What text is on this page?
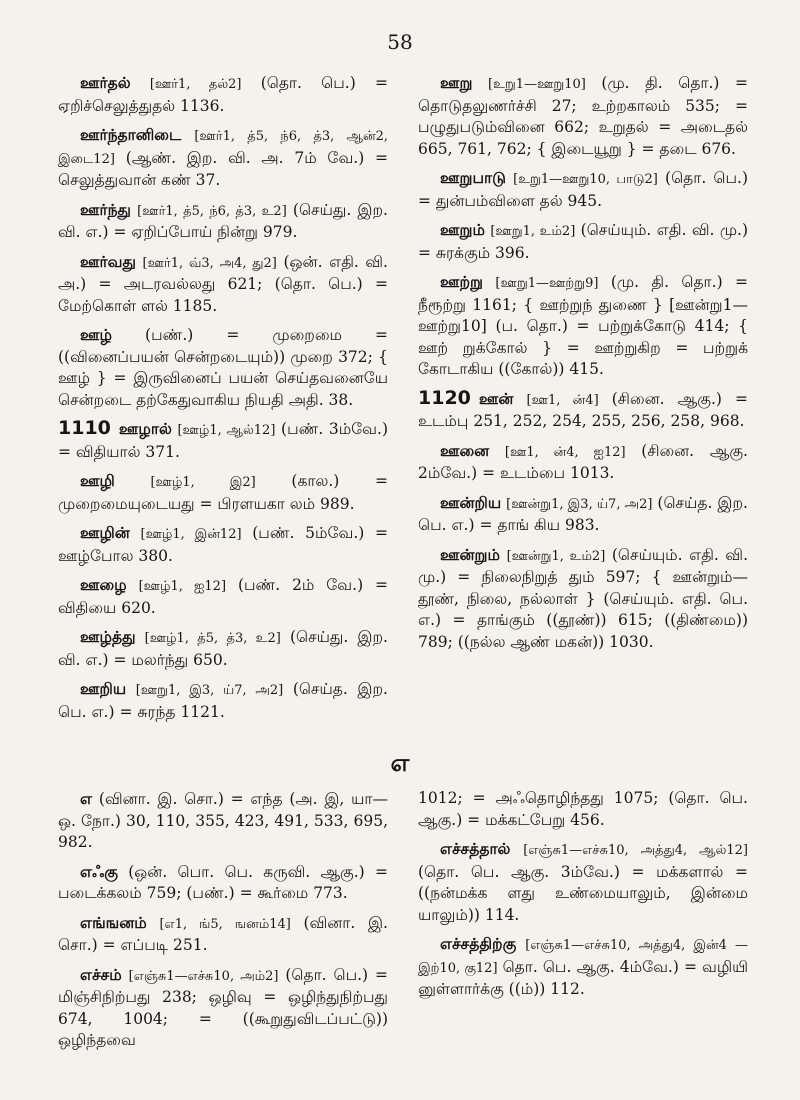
58

ஊர்தல் [ஊர்1, தல்2] (தொ. பெ.) = ஏறிச்செலுத்துதல் 1136.

ஊர்ந்தானிடை [ஊர்1, த்5, ந்6, த்3, ஆன்2, இடை12] (ஆண். இற. வி. அ. 7ம் வே.) = செலுத்துவான் கண் 37.

ஊர்ந்து [ஊர்1, த்5, ந்6, த்3, உ2] (செய்து. இற. வி. எ.) = ஏறிப்போய் நின்று 979.

ஊர்வது [ஊர்1, வ்3, அ4, து2] (ஒன். எதி. வி. அ.) = அடரவல்லது 621; (தொ. பெ.) = மேற்கொள் ளல் 1185.

ஊழ் (பண்.) = முறைமை = ((வினைப்பயன் சென்றடையும்)) முறை 372; { ஊழ் } = இருவினைப் பயன் செய்தவனையே சென்றடை தற்கேதுவாகிய நியதி அதி. 38.

1110 ஊழால் [ஊழ்1, ஆல்12] (பண். 3ம்வே.) = விதியால் 371.

ஊழி	[ஊழ்1, இ2] (கால.) = முறைமையுடையது = பிரளயகா லம் 989.

ஊழின் [ஊழ்1, இன்12] (பண். 5ம்வே.) = ஊழ்போல 380.

ஊழை [ஊழ்1, ஐ12] (பண். 2ம் வே.) = விதியை 620.

ஊழ்த்து [ஊழ்1, த்5, த்3, உ2] (செய்து. இற. வி. எ.) = மலர்ந்து 650.

ஊறிய [ஊறு1, இ3, ய்7, அ2] (செய்த. இற. பெ. எ.) = சுரந்த 1121.

ஊறு [உறு1—ஊறு10] (மு. தி. தொ.) = தொடுதலுணர்ச்சி 27; உற்றகாலம் 535; = பழுதுபடும்வினை 662; உறுதல் = அடைதல் 665, 761, 762; { இடையூறு } = தடை 676.

ஊறுபாடு [உறு1—ஊறு10, பாடு2] (தொ. பெ.) = துன்பம்விளை தல் 945.

ஊறும் [ஊறு1, உம்2] (செய்யும். எதி. வி. மு.) = சுரக்கும் 396.

ஊற்று [ஊறு1—ஊற்று9] (மு. தி. தொ.) = நீரூற்று 1161; { ஊற்றுந் துணை } [ஊன்று1—ஊற்று10] (ப. தொ.) = பற்றுக்கோடு 414; { ஊற் றுக்கோல் } = ஊற்றுகிற = பற்றுக் கோடாகிய ((கோல்)) 415.

1120 ஊன் [ஊ1, ன்4] (சினை. ஆகு.) = உடம்பு 251, 252, 254, 255, 256, 258, 968.

ஊனை [ஊ1, ன்4, ஐ12] (சினை. ஆகு. 2ம்வே.) = உடம்பை 1013.

ஊன்றிய [ஊன்று1, இ3, ய்7, அ2] (செய்த. இற. பெ. எ.) = தாங் கிய 983.

ஊன்றும் [ஊன்று1, உம்2] (செய்யும். எதி. வி. மு.) = நிலைநிறுத் தும் 597; { ஊன்றும்—தூண், நிலை, நல்லாள் } (செய்யும். எதி. பெ. எ.) = தாங்கும் ((தூண்)) 615; ((திண்மை)) 789; ((நல்ல ஆண் மகன்)) 1030.

எ

எ (வினா. இ. சொ.) = எந்த (அ. இ, யா—ஒ. நோ.) 30, 110, 355, 423, 491, 533, 695, 982.

எஃகு (ஒன். பொ. பெ. கருவி. ஆகு.) = படைக்கலம் 759; (பண்.) = கூர்மை 773.

எங்ஙனம் [எ1, ங்5, ஙனம்14] (வினா. இ. சொ.) = எப்படி 251.

எச்சம் [எஞ்சு1—எச்சு10, அம்2] (தொ. பெ.) = மிஞ்சிநிற்பது 238; ஒழிவு = ஒழிந்துநிற்பது 674, 1004; = ((கூறுதுவிடப்பட்டு)) ஒழிந்தவை

1012; = அஃதொழிந்தது 1075; (தொ. பெ. ஆகு.) = மக்கட்பேறு 456.

எச்சத்தால் [எஞ்சு1—எச்சு10, அத்து4, ஆல்12] (தொ. பெ. ஆகு. 3ம்வே.) = மக்களால் = ((நன்மக்க ளது உண்மையாலும், இன்மை யாலும்)) 114.

எச்சத்திற்கு [எஞ்சு1—எச்சு10, அத்து4, இன்4 — இற்10, கு12] தொ. பெ. ஆகு. 4ம்வே.) = வழியி னுள்ளார்க்கு ((ம்)) 112.
